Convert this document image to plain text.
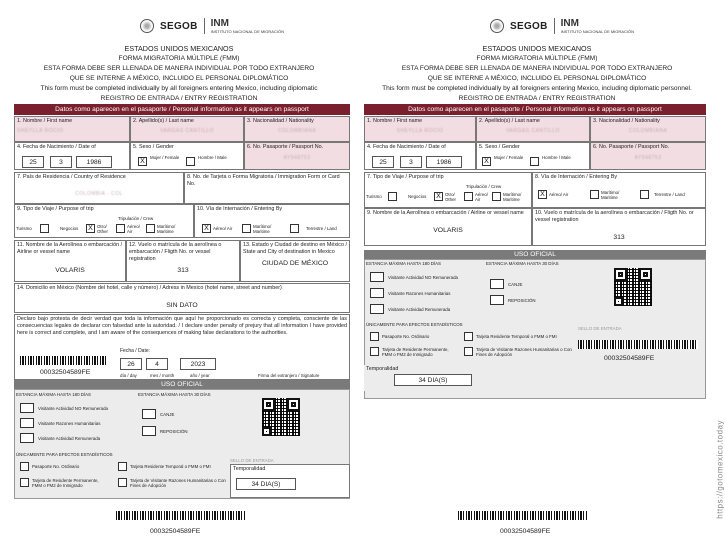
SEGOB INM
INSTITUTO NACIONAL DE MIGRACIÓN
ESTADOS UNIDOS MEXICANOS
FORMA MIGRATORIA MÚLTIPLE (FMM)
ESTA FORMA DEBE SER LLENADA DE MANERA INDIVIDUAL POR TODO EXTRANJERO
QUE SE INTERNE A MÉXICO, INCLUIDO EL PERSONAL DIPLOMÁTICO
This form must be completed individually by all foreigners entering Mexico, including diplomatic
REGISTRO DE ENTRADA / ENTRY REGISTRATION
Datos como aparecen en el pasaporte / Personal information as it appears on passport
1. Nombre / First name
SHEYLLA ROCIO
2. Apellido(s) / Last name
VARGAS CANTILLO
3. Nacionalidad / Nationality
COLOMBIANA
4. Fecha de Nacimiento / Date of
25	3	1986
5. Sexo / Gender
X
Mujer / Female	Hombre / Male
6. No. Pasaporte / Passport No.
AY948753
7. País de Residencia / Country of Residence
COLOMBIA - COL
8. No. de Tarjeta o Forma Migratoria / Immigration Form or Card No.
9. Tipo de Viaje / Purpose of trip
Tripulación / Crew
Turismo	Negocios	X Otro/ Other
Aéreo/ Air
Marítimo/ Maritime
10. Vía de Internación / Entering By
X Aéreo/ Air	Marítimo/ Maritime
Terrestre / Land
11. Nombre de la Aerolínea o embarcación / Airline or vessel name
VOLARIS
12. Vuelo o matrícula de la aerolínea o embarcación / Fligth No. or vessel registration
313
13. Estado y Ciudad de destino en México / State and City of destination in Mexico
CIUDAD DE MÉXICO
14. Domicilio en México (Nombre del hotel, calle y número) / Adress in Mexico (hotel name, street and number)
SIN DATO
Declaro bajo protesta de decir verdad que toda la información que aquí he proporcionado es correcta y completa, consciente de las consecuencias legales de declarar con falsedad ante la autoridad. / I declare under penalty of prejury that all information I have provided here is correct and complete, and I am aware of the consequences of making false declarations to the authorities.
Fecha / Date:
26	4	2023
día / day	mes / month	año / year	Firma del extranjero / Signature
00032504589FE
USO OFICIAL
ESTANCIA MÁXIMA HASTA 180 DÍAS
Visitante Actividad NO Remunerada
Visitante Razones Humanitarias
Visitante Actividad Remunerada
ESTANCIA MÁXIMA HASTA 30 DÍAS
CANJE
REPOSICIÓN
ÚNICAMENTE PARA EFECTOS ESTADÍSTICOS
Pasaporte No. Ordinario	Tarjeta Residente Temporal o FMM o FMI
Tarjeta de Residente Permanente, FMM o FM2 de Inmigrado
Tarjeta de Visitante Razones Humanitarias o Con Fines de Adopción
SELLO DE ENTRADA
Temporalidad
34 DIA(S)
00032504589FE
SEGOB INM
INSTITUTO NACIONAL DE MIGRACIÓN
ESTADOS UNIDOS MEXICANOS
FORMA MIGRATORIA MÚLTIPLE (FMM)
ESTA FORMA DEBE SER LLENADA DE MANERA INDIVIDUAL POR TODO EXTRANJERO
QUE SE INTERNE A MÉXICO, INCLUIDO EL PERSONAL DIPLOMÁTICO
This form must be completed individually by all foreigners entering Mexico, including diplomatic personnel.
REGISTRO DE ENTRADA / ENTRY REGISTRATION
Datos como aparecen en el pasaporte / Personal information as it appears on passport
1. Nombre / First name
SHEYLLA ROCIO
2. Apellido(s) / Last name
VARGAS CANTILLO
3. Nacionalidad / Nationality
COLOMBIANA
4. Fecha de Nacimiento / Date of
25	3	1986
5. Sexo / Gender
X
Mujer / Female	Hombre / Male
6. No. Pasaporte / Passport No.
AY948753
7. Tipo de Viaje / Purpose of trip
Tripulación / Crew
Turismo	Negocios	X Otro/ Other
Aéreo/ Air
Marítimo/ Maritime
8. Vía de Internación / Entering By
X Aéreo/ Air	Marítimo/ Maritime
Terrestre / Land
9. Nombre de la Aerolínea o embarcación / Airline or vessel name
VOLARIS
10. Vuelo o matrícula de la aerolínea o embarcación / Fligth No. or vessel registration
313
USO OFICIAL
ESTANCIA MÁXIMA HASTA 180 DÍAS
Visitante Actividad NO Remunerada
Visitante Razones Humanitarias
Visitante Actividad Remunerada
ESTANCIA MÁXIMA HASTA 30 DÍAS
CANJE
REPOSICIÓN
ÚNICAMENTE PARA EFECTOS ESTADÍSTICOS
SELLO DE ENTRADA
Pasaporte No. Ordinario	Tarjeta Residente Temporal o FMM o FMI
Tarjeta de Residente Permanente, FMM o FM2 de Inmigrado
Tarjeta de Visitante Razones Humanitarias o Con Fines de Adopción
00032504589FE
Temporalidad
34 DIA(S)
00032504589FE
https://gotomexico.today
